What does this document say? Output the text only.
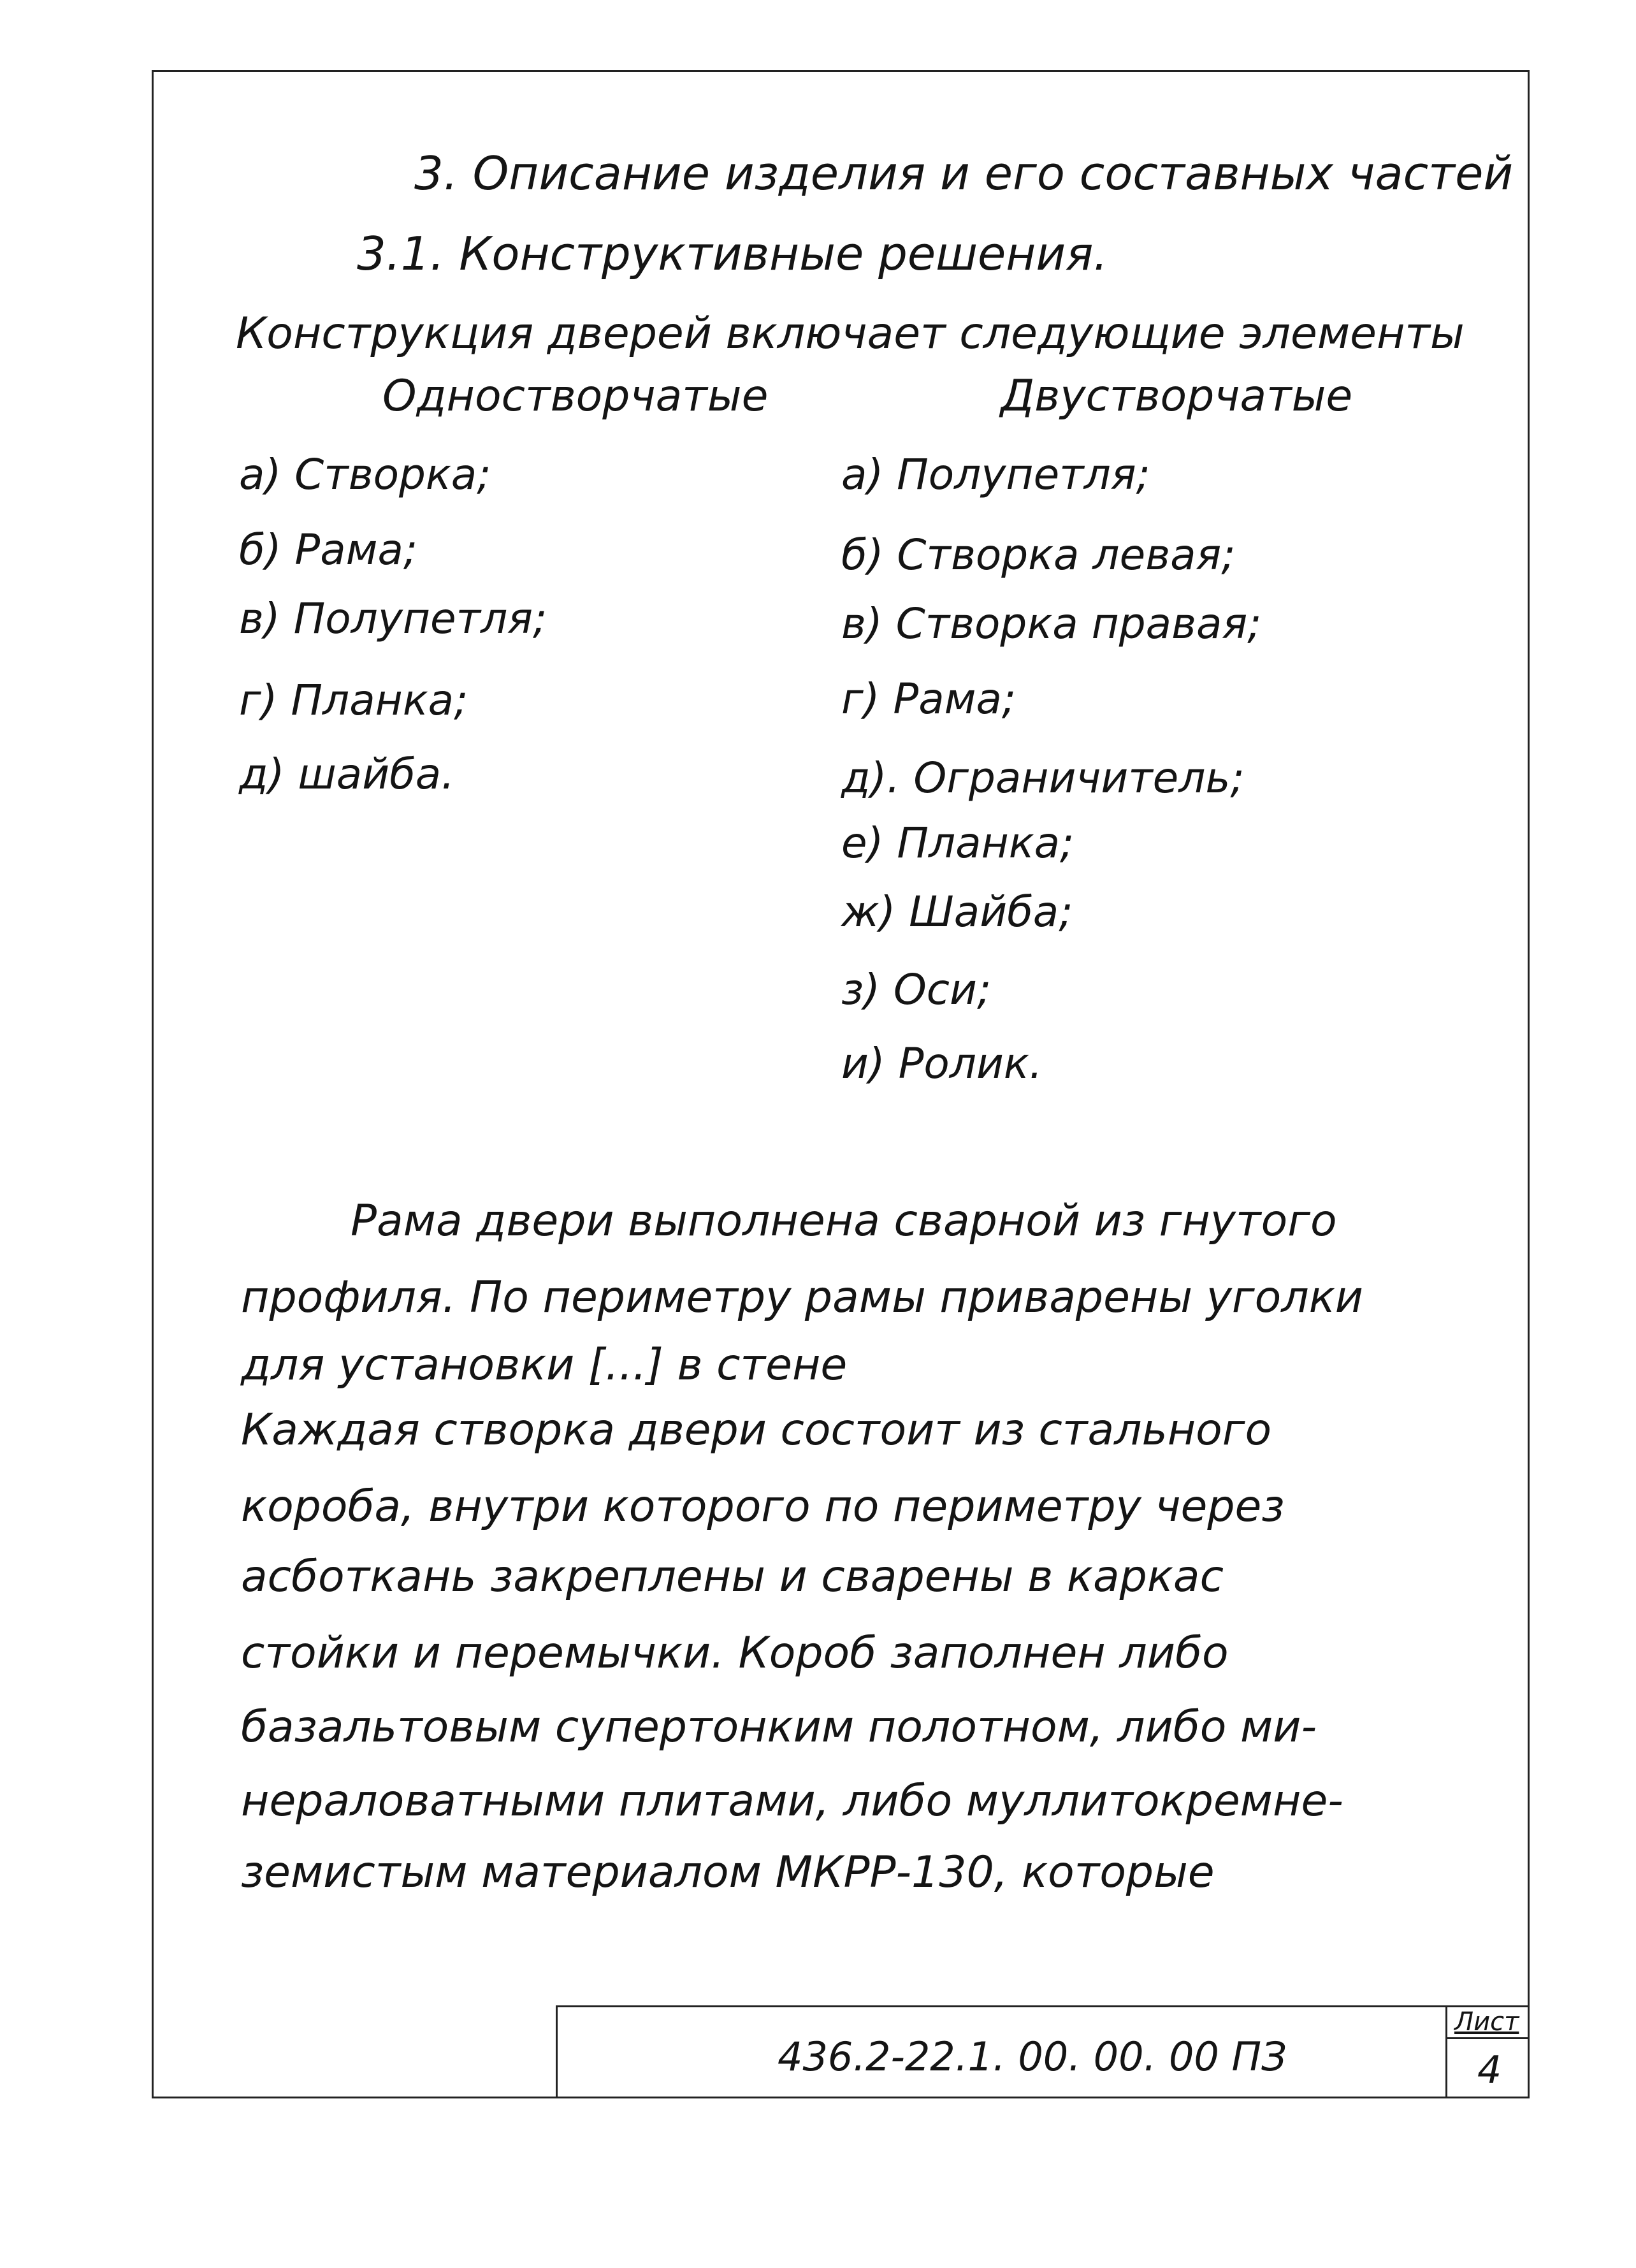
3. Описание изделия и его составных частей

3.1. Конструктивные решения.

Конструкция дверей включает следующие элементы

Одностворчатые	Двустворчатые

а) Створка;

б) Рама;

в) Полупетля;

г) Планка;

д) шайба.

а) Полупетля;

б) Створка левая;

в) Створка правая;

г) Рама;

д). Ограничитель;

е) Планка;

ж) Шайба;

з) Оси;

и) Ролик.

Рама двери выполнена сварной из гнутого

профиля. По периметру рамы приварены уголки

для установки [...] в стене

Каждая створка двери состоит из стального

короба, внутри которого по периметру через

асботкань закреплены и сварены в каркас

стойки и перемычки. Короб заполнен либо

базальтовым супертонким полотном, либо ми-

нераловатными плитами, либо муллитокремне-

земистым материалом МКРР-130, которые

436.2-22.1. 00. 00. 00 ПЗ

Лист

4
